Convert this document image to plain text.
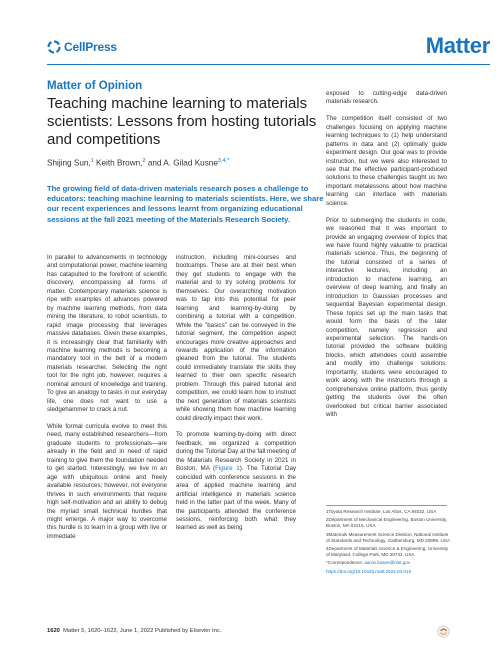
CellPress	Matter
Matter of Opinion
Teaching machine learning to materials scientists: Lessons from hosting tutorials and competitions
Shijing Sun,$^1$ Keith Brown,$^2$ and A. Gilad Kusne$^{3,4,*}$
The growing field of data-driven materials research poses a challenge to educators: teaching machine learning to materials scientists. Here, we share our recent experiences and lessons learnt from organizing educational sessions at the fall 2021 meeting of the Materials Research Society.

In parallel to advancements in technology and computational power, machine learning has catapulted to the forefront of scientific discovery, encompassing all forms of matter. Contemporary materials science is ripe with examples of advances powered by machine learning methods, from data mining the literature, to robot scientists, to rapid image processing that leverages massive databases. Given these examples, it is increasingly clear that familiarity with machine learning methods is becoming a mandatory tool in the belt of a modern materials researcher. Selecting the right tool for the right job, however, requires a nominal amount of knowledge and training. To give an analogy to tasks in our everyday life, one does not want to use a sledgehammer to crack a nut.

While formal curricula evolve to meet this need, many established researchers—from graduate students to professionals—are already in the field and in need of rapid training to give them the foundation needed to get started. Interestingly, we live in an age with ubiquitous online and freely available resources; however, not everyone thrives in such environments that require high self-motivation and an ability to debug the myriad small technical hurdles that might emerge. A major way to overcome this hurdle is to learn in a group with live or immediate

instruction, including mini-courses and bootcamps. These are at their best when they get students to engage with the material and to try solving problems for themselves. Our overarching motivation was to tap into this potential for peer learning and learning-by-doing by combining a tutorial with a competition. While the "basics" can be conveyed in the tutorial segment, the competition aspect encourages more creative approaches and rewards application of the information gleaned from the tutorial. The students could immediately translate the skills they learned to their own specific research problem. Through this paired tutorial and competition, we could learn how to instruct the next generation of materials scientists while showing them how machine learning could directly impact their work.

To promote learning-by-doing with direct feedback, we organized a competition during the Tutorial Day at the fall meeting of the Materials Research Society in 2021 in Boston, MA (Figure 1). The Tutorial Day coincided with conference sessions in the area of applied machine learning and artificial intelligence in materials science held in the latter part of the week. Many of the participants attended the conference sessions, reinforcing both what they learned as well as being

exposed to cutting-edge data-driven materials research.

The competition itself consisted of two challenges focusing on applying machine learning techniques to (1) help understand patterns in data and (2) optimally guide experiment design. Our goal was to provide instruction, but we were also interested to see that the effective participant-produced solutions to these challenges taught us two important metalessons about how machine learning can interface with materials science.

Prior to submerging the students in code, we reasoned that it was important to provide an engaging overview of topics that we have found highly valuable to practical materials science. Thus, the beginning of the tutorial consisted of a series of interactive lectures, including an introduction to machine learning, an overview of deep learning, and finally an introduction to Gaussian processes and sequential Bayesian experimental design. These topics set up the main tasks that would form the basis of the later competition, namely regression and experimental selection. The hands-on tutorial provided the software building blocks, which attendees could assemble and modify into challenge solutions. Importantly, students were encouraged to work along with the instructors through a comprehensive online platform, thus gently getting the students over the often overlooked but critical barrier associated with

1Toyota Research Institute, Los Altos, CA 94022, USA

2Department of Mechanical Engineering, Boston University, Boston, MA 02215, USA

3Materials Measurement Science Division, National Institute of Standards and Technology, Gaithersburg, MD 20899, USA

4Department of Materials Science & Engineering, University of Maryland, College Park, MD 20742, USA

*Correspondence: aaron.kusne@nist.gov

https://doi.org/10.1016/j.matt.2022.04.019

1620 Matter 5, 1620–1622, June 1, 2022 Published by Elsevier Inc.
